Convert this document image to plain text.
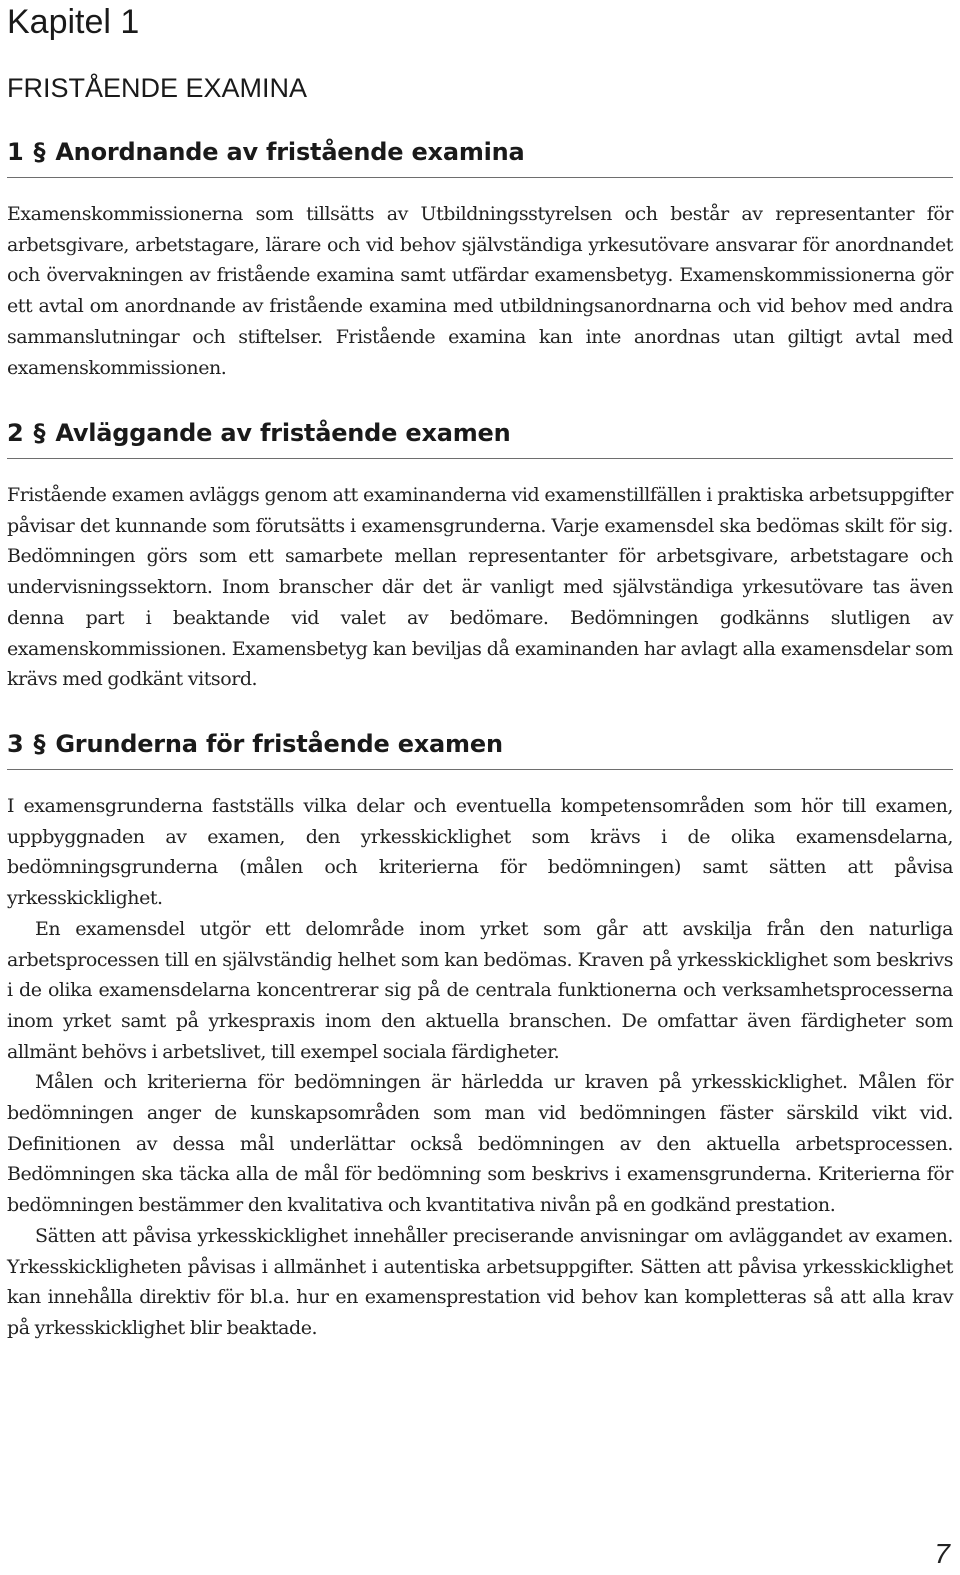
Kapitel 1
FRISTÅENDE EXAMINA
1 § Anordnande av fristående examina

Examenskommissionerna som tillsätts av Utbildningsstyrelsen och består av representanter för arbetsgivare, arbetstagare, lärare och vid behov självständiga yrkesutövare ansvarar för anordnandet och övervakningen av fristående examina samt utfärdar examensbetyg. Examenskommissionerna gör ett avtal om anordnande av fristående examina med utbildningsanordnarna och vid behov med andra sammanslutningar och stiftelser. Fristående examina kan inte anordnas utan giltigt avtal med examenskommissionen.

2 § Avläggande av fristående examen

Fristående examen avläggs genom att examinanderna vid examenstillfällen i praktiska arbetsuppgifter påvisar det kunnande som förutsätts i examensgrunderna. Varje examensdel ska bedömas skilt för sig. Bedömningen görs som ett samarbete mellan representanter för arbetsgivare, arbetstagare och undervisningssektorn. Inom branscher där det är vanligt med självständiga yrkesutövare tas även denna part i beaktande vid valet av bedömare. Bedömningen godkänns slutligen av examenskommissionen. Examensbetyg kan beviljas då examinanden har avlagt alla examensdelar som krävs med godkänt vitsord.

3 § Grunderna för fristående examen

I examensgrunderna fastställs vilka delar och eventuella kompetensområden som hör till examen, uppbyggnaden av examen, den yrkesskicklighet som krävs i de olika examensdelarna, bedömningsgrunderna (målen och kriterierna för bedömningen) samt sätten att påvisa yrkesskicklighet.

En examensdel utgör ett delområde inom yrket som går att avskilja från den naturliga arbetsprocessen till en självständig helhet som kan bedömas. Kraven på yrkesskicklighet som beskrivs i de olika examensdelarna koncentrerar sig på de centrala funktionerna och verksamhetsprocesserna inom yrket samt på yrkespraxis inom den aktuella branschen. De omfattar även färdigheter som allmänt behövs i arbetslivet, till exempel sociala färdigheter.

Målen och kriterierna för bedömningen är härledda ur kraven på yrkesskicklighet. Målen för bedömningen anger de kunskapsområden som man vid bedömningen fäster särskild vikt vid. Definitionen av dessa mål underlättar också bedömningen av den aktuella arbetsprocessen. Bedömningen ska täcka alla de mål för bedömning som beskrivs i examensgrunderna. Kriterierna för bedömningen bestämmer den kvalitativa och kvantitativa nivån på en godkänd prestation.

Sätten att påvisa yrkesskicklighet innehåller preciserande anvisningar om avläggandet av examen. Yrkesskickligheten påvisas i allmänhet i autentiska arbetsuppgifter. Sätten att påvisa yrkesskicklighet kan innehålla direktiv för bl.a. hur en examensprestation vid behov kan kompletteras så att alla krav på yrkesskicklighet blir beaktade.

7
